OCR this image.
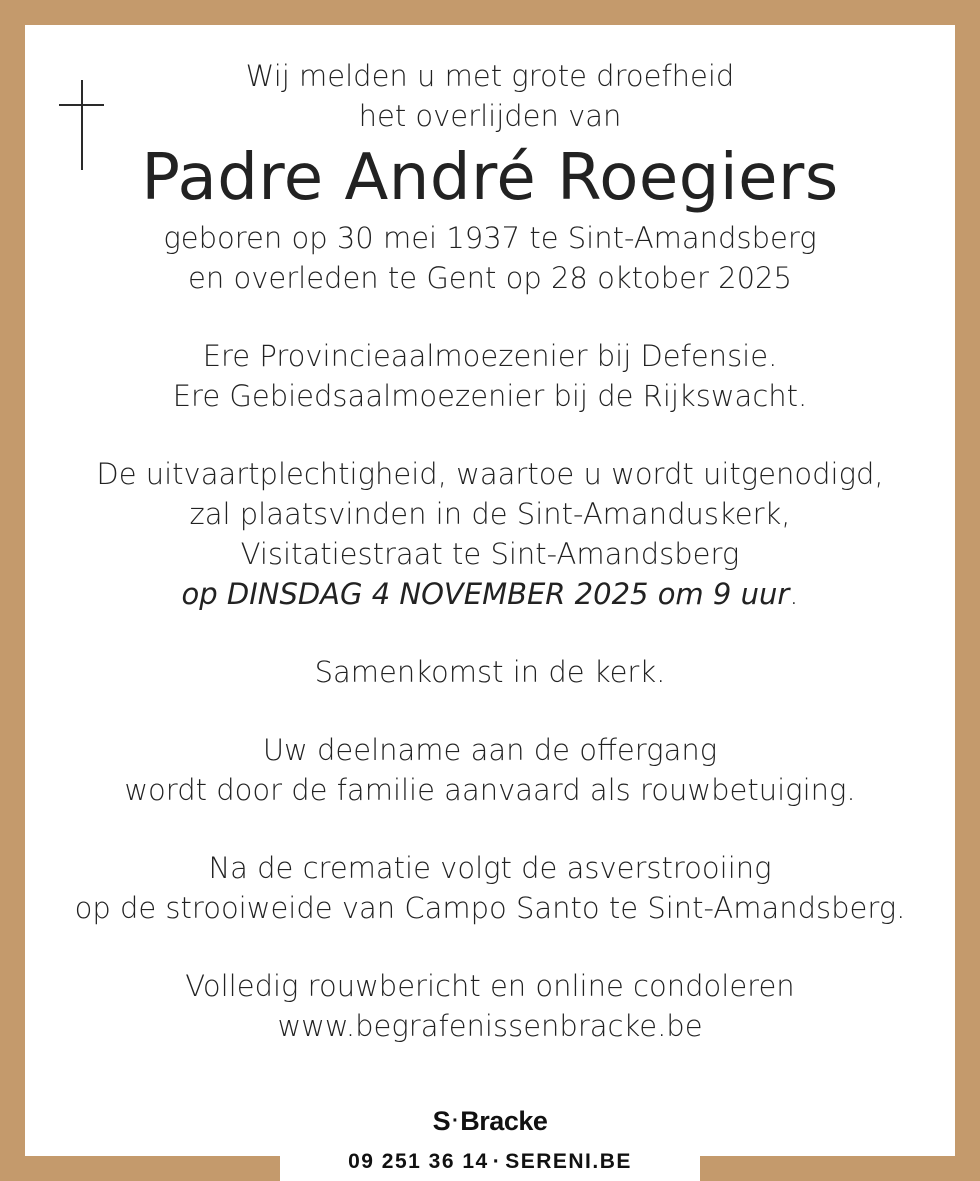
Wij melden u met grote droefheid
het overlijden van
Padre André Roegiers
geboren op 30 mei 1937 te Sint-Amandsberg
en overleden te Gent op 28 oktober 2025
Ere Provincieaalmoezenier bij Defensie.
Ere Gebiedsaalmoezenier bij de Rijkswacht.
De uitvaartplechtigheid, waartoe u wordt uitgenodigd,
zal plaatsvinden in de Sint-Amanduskerk,
Visitatiestraat te Sint-Amandsberg
op DINSDAG 4 NOVEMBER 2025 om 9 uur.
Samenkomst in de kerk.
Uw deelname aan de offergang
wordt door de familie aanvaard als rouwbetuiging.
Na de crematie volgt de asverstrooiing
op de strooiweide van Campo Santo te Sint-Amandsberg.
Volledig rouwbericht en online condoleren
www.begrafenissenbracke.be
S ·Bracke
09 251 36 14 · SERENI.BE
